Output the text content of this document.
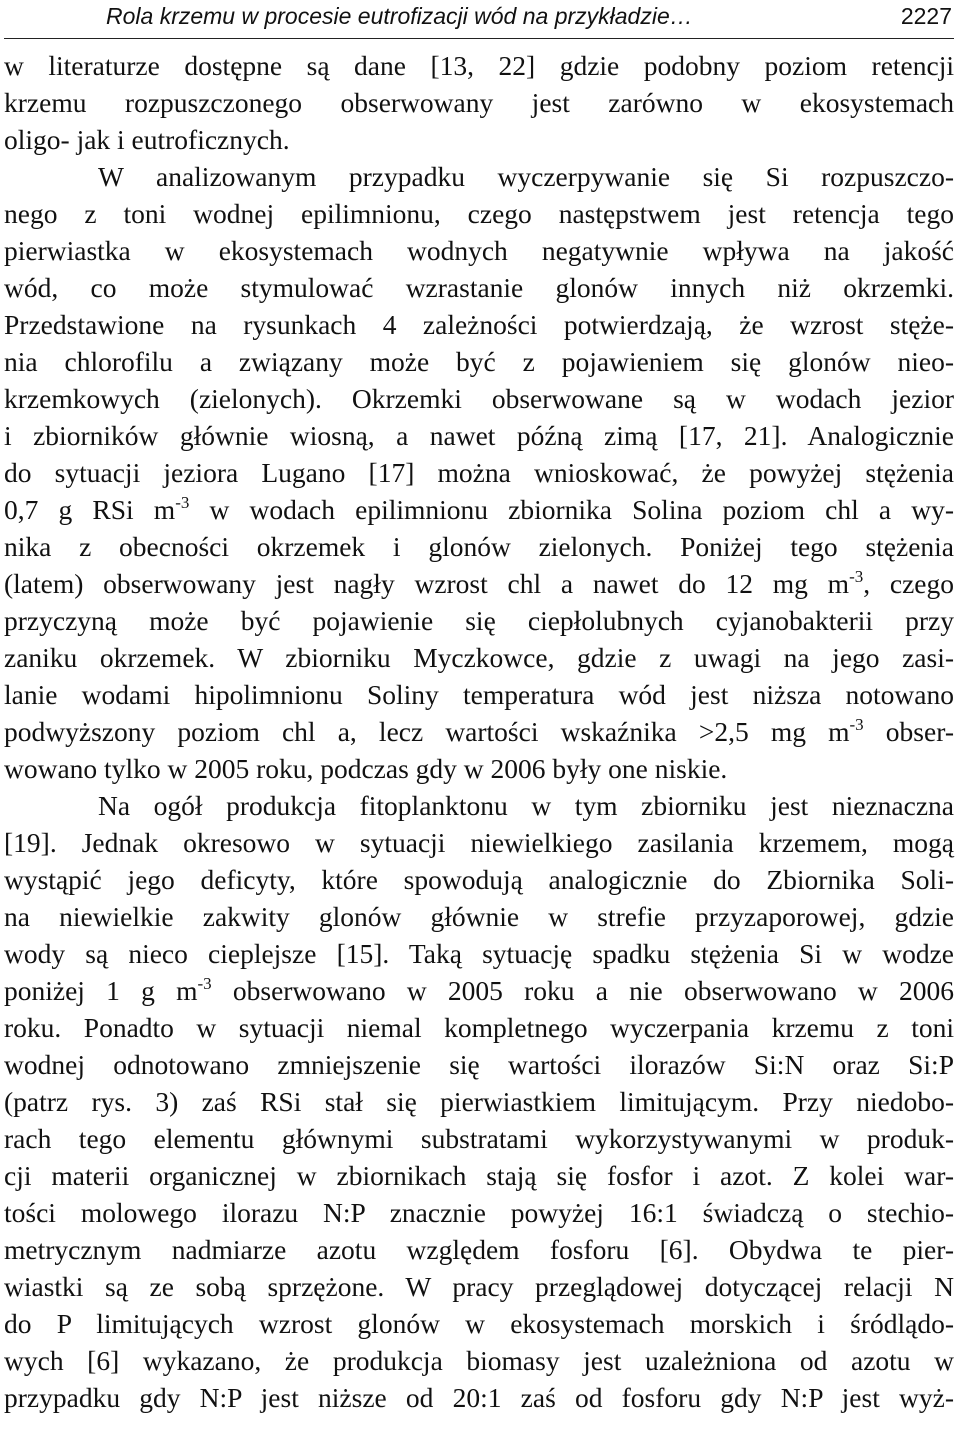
Rola krzemu w procesie eutrofizacji wód na przykładzie…	2227
w literaturze dostępne są dane [13, 22] gdzie podobny poziom retencji
krzemu rozpuszczonego obserwowany jest zarówno w ekosystemach
oligo- jak i eutroficznych.
W analizowanym przypadku wyczerpywanie się Si rozpuszczo-
nego z toni wodnej epilimnionu, czego następstwem jest retencja tego
pierwiastka w ekosystemach wodnych negatywnie wpływa na jakość
wód, co może stymulować wzrastanie glonów innych niż okrzemki.
Przedstawione na rysunkach 4 zależności potwierdzają, że wzrost stęże-
nia chlorofilu a związany może być z pojawieniem się glonów nieo-
krzemkowych (zielonych). Okrzemki obserwowane są w wodach jezior
i zbiorników głównie wiosną, a nawet późną zimą [17, 21]. Analogicznie
do sytuacji jeziora Lugano [17] można wnioskować, że powyżej stężenia
0,7 g RSi $m^{-3}$ w wodach epilimnionu zbiornika Solina poziom chl a wy-
nika z obecności okrzemek i glonów zielonych. Poniżej tego stężenia
(latem) obserwowany jest nagły wzrost chl a nawet do 12 mg $m^{-3}$, czego
przyczyną może być pojawienie się ciepłolubnych cyjanobakterii przy
zaniku okrzemek. W zbiorniku Myczkowce, gdzie z uwagi na jego zasi-
lanie wodami hipolimnionu Soliny temperatura wód jest niższa notowano
podwyższony poziom chl a, lecz wartości wskaźnika >2,5 mg $m^{-3}$ obser-
wowano tylko w 2005 roku, podczas gdy w 2006 były one niskie.
Na ogół produkcja fitoplanktonu w tym zbiorniku jest nieznaczna
[19]. Jednak okresowo w sytuacji niewielkiego zasilania krzemem, mogą
wystąpić jego deficyty, które spowodują analogicznie do Zbiornika Soli-
na niewielkie zakwity glonów głównie w strefie przyzaporowej, gdzie
wody są nieco cieplejsze [15]. Taką sytuację spadku stężenia Si w wodze
poniżej 1 g $m^{-3}$ obserwowano w 2005 roku a nie obserwowano w 2006
roku. Ponadto w sytuacji niemal kompletnego wyczerpania krzemu z toni
wodnej odnotowano zmniejszenie się wartości ilorazów Si:N oraz Si:P
(patrz rys. 3) zaś RSi stał się pierwiastkiem limitującym. Przy niedobo-
rach tego elementu głównymi substratami wykorzystywanymi w produk-
cji materii organicznej w zbiornikach stają się fosfor i azot. Z kolei war-
tości molowego ilorazu N:P znacznie powyżej 16:1 świadczą o stechio-
metrycznym nadmiarze azotu względem fosforu [6]. Obydwa te pier-
wiastki są ze sobą sprzężone. W pracy przeglądowej dotyczącej relacji N
do P limitujących wzrost glonów w ekosystemach morskich i śródlądo-
wych [6] wykazano, że produkcja biomasy jest uzależniona od azotu w
przypadku gdy N:P jest niższe od 20:1 zaś od fosforu gdy N:P jest wyż-
